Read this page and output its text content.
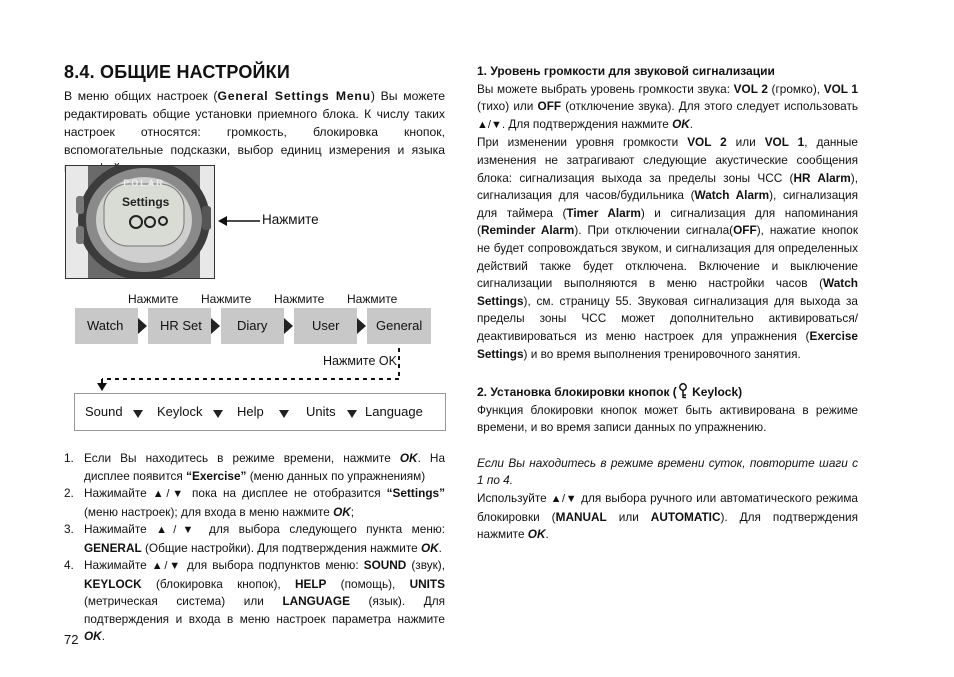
8.4. ОБЩИЕ НАСТРОЙКИ
В меню общих настроек (General Settings Menu) Вы можете редактировать общие установки приемного блока. К числу таких настроек относятся: громкость, блокировка кнопок, вспомогательные подсказки, выбор единиц измерения и языка
POLAR
Settings
Нажмите
Нажмите Нажмите Нажмите Нажмите
Watch	HR Set	Diary	User	General
Нажмите OK
Sound	Keylock	Help	Units Language
1. Если Вы находитесь в режиме времени, нажмите OK. На дисплее появится “Exercise” (меню данных по упражнениям)
2. Нажимайте ▲/▼ пока на дисплее не отобразится “Settings” (меню настроек); для входа в меню нажмите OK;
3. Нажимайте ▲/▼ для выбора следующего пункта меню: GENERAL (Общие настройки). Для подтверждения нажмите OK.
4. Нажимайте ▲/▼ для выбора подпунктов меню: SOUND (звук), KEYLOCK (блокировка кнопок), HELP (помощь), UNITS (метрическая система) или LANGUAGE (язык). Для подтверждения и входа в меню настроек параметра нажмите OK.
72

1. Уровень громкости для звуковой сигнализации

Вы можете выбрать уровень громкости звука: VOL 2 (громко), VOL 1 (тихо) или OFF (отключение звука). Для этого следует использовать ▲/▼. Для подтверждения нажмите OK.

При изменении уровня громкости VOL 2 или VOL 1, данные изменения не затрагивают следующие акустические сообщения блока: сигнализация выхода за пределы зоны ЧСС (HR Alarm), сигнализация для часов/будильника (Watch Alarm), сигнализация для таймера (Timer Alarm) и сигнализация для напоминания (Reminder Alarm). При отключении сигнала(OFF), нажатие кнопок не будет сопровождаться звуком, и сигнализация для определенных действий также будет отключена. Включение и выключение сигнализации выполняются в меню настройки часов (Watch Settings), см. страницу 55. Звуковая сигнализация для выхода за пределы зоны ЧСС может дополнительно активироваться/деактивироваться из меню настроек для упражнения (Exercise Settings) и во время выполнения тренировочного занятия.

2. Установка блокировки кнопок ( Keylock)

Функция блокировки кнопок может быть активирована в режиме времени, и во время записи данных по упражнению.

Если Вы находитесь в режиме времени суток, повторите шаги с 1 по 4.

Используйте ▲/▼ для выбора ручного или автоматического режима блокировки (MANUAL или AUTOMATIC). Для подтверждения нажмите OK.
